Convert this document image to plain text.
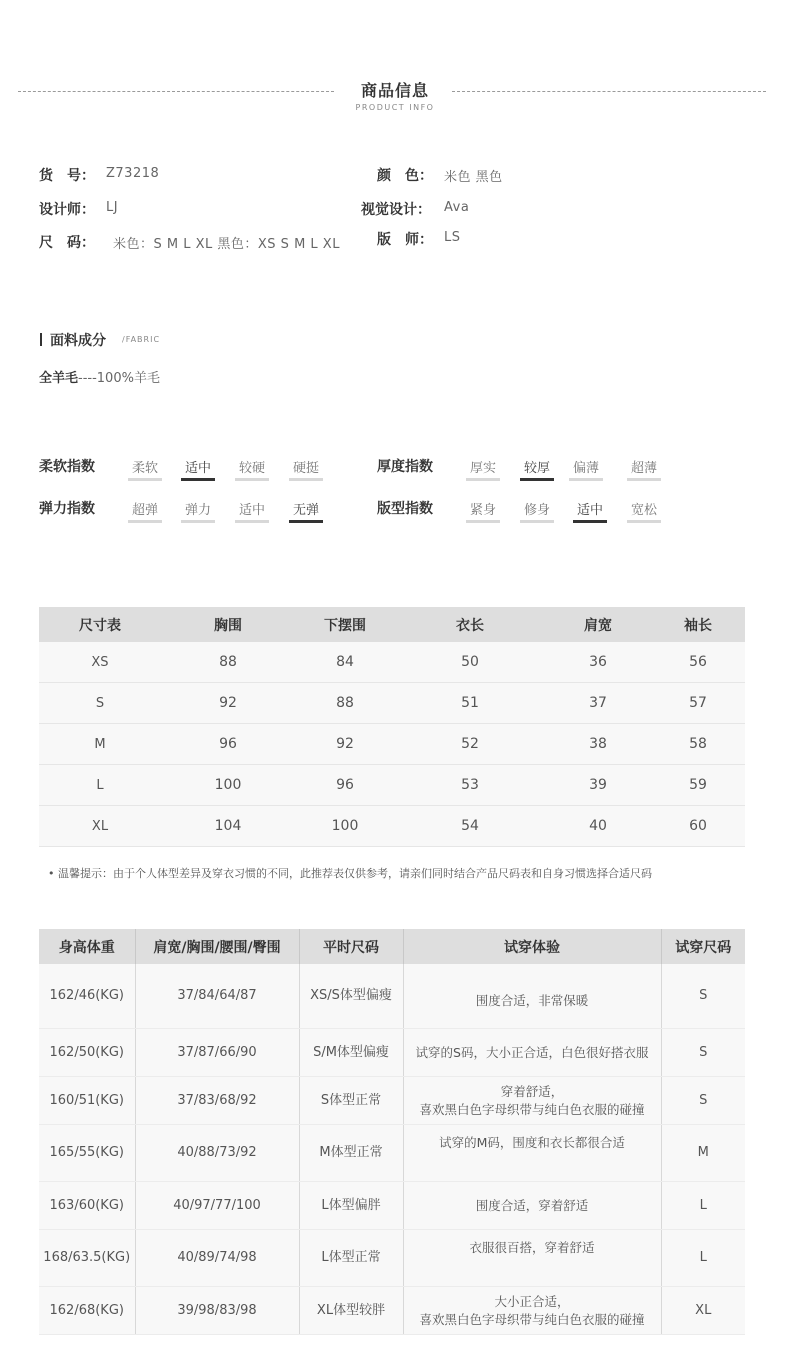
商品信息
PRODUCT INFO
货　号： Z73218	颜　色： 米色 黑色
设计师： LJ	视觉设计： Ava
尺　码： 米色：S M L XL 黑色：XS S M L XL	版　师： LS
面料成分 /FABRIC
全羊毛----100%羊毛
柔软指数	柔软	适中	较硬	硬挺	厚度指数	厚实	较厚	偏薄	超薄
弹力指数	超弹	弹力	适中	无弹	版型指数	紧身	修身	适中	宽松
尺寸表	胸围	下摆围	衣长	肩宽	袖长
XS	88	84	50	36	56
S	92	88	51	37	57
M	96	92	52	38	58
L	100	96	53	39	59
XL	104	100	54	40	60
• 温馨提示：由于个人体型差异及穿衣习惯的不同，此推荐表仅供参考，请亲们同时结合产品尺码表和自身习惯选择合适尺码
身高体重	肩宽/胸围/腰围/臀围	平时尺码	试穿体验	试穿尺码
162/46(KG)	37/84/64/87	XS/S体型偏瘦	围度合适，非常保暖	S
162/50(KG)	37/87/66/90	S/M体型偏瘦	试穿的S码，大小正合适，白色很好搭衣服	S
160/51(KG)	37/83/68/92	S体型正常	穿着舒适，
喜欢黑白色字母织带与纯白色衣服的碰撞	S
165/55(KG)	40/88/73/92	M体型正常	试穿的M码，围度和衣长都很合适	M
163/60(KG)	40/97/77/100	L体型偏胖	围度合适，穿着舒适	L
168/63.5(KG)	40/89/74/98	L体型正常	衣服很百搭，穿着舒适	L
162/68(KG)	39/98/83/98	XL体型较胖	大小正合适，
喜欢黑白色字母织带与纯白色衣服的碰撞	XL
